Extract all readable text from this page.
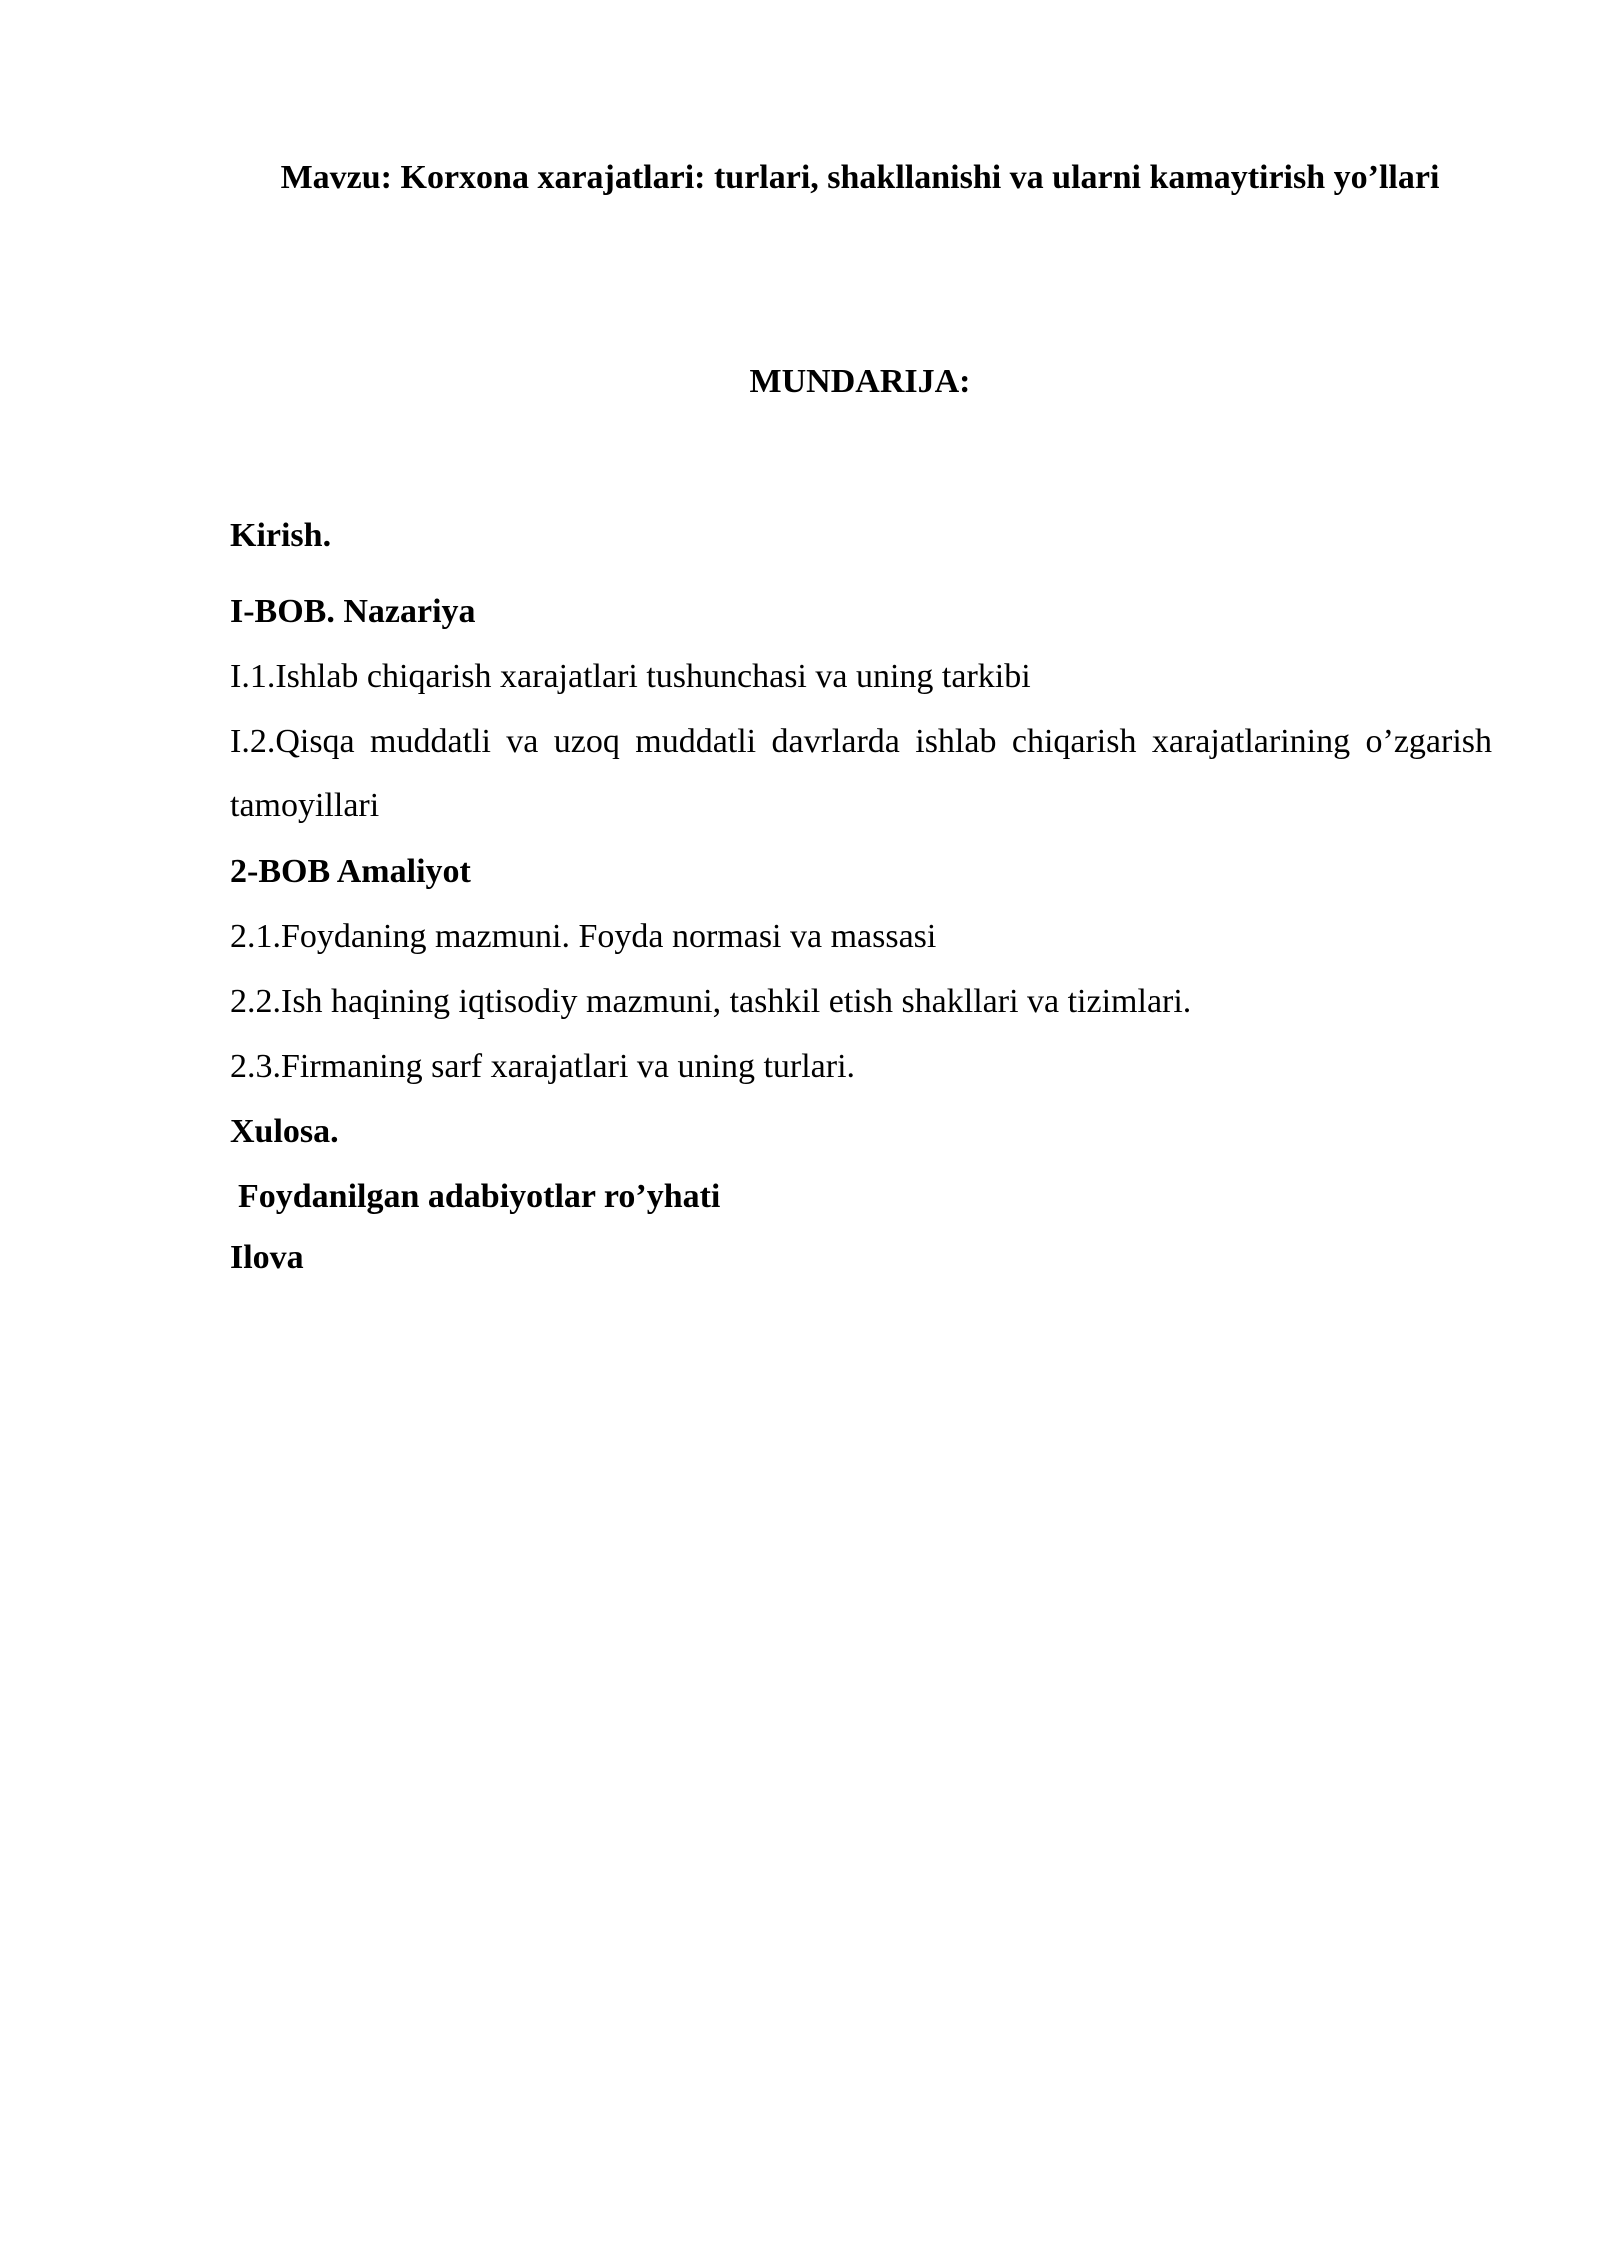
Mavzu: Korxona xarajatlari: turlari, shakllanishi va ularni kamaytirish yo’llari
MUNDARIJA:
Kirish.
I-BOB. Nazariya
I.1.Ishlab chiqarish xarajatlari tushunchasi va uning tarkibi
I.2.Qisqa muddatli va uzoq muddatli davrlarda ishlab chiqarish xarajatlarining o’zgarish tamoyillari
2-BOB Amaliyot
2.1.Foydaning mazmuni. Foyda normasi va massasi
2.2.Ish haqining iqtisodiy mazmuni, tashkil etish shakllari va tizimlari.
2.3.Firmaning sarf xarajatlari va uning turlari.
Xulosa.
Foydanilgan adabiyotlar ro’yhati
Ilova
